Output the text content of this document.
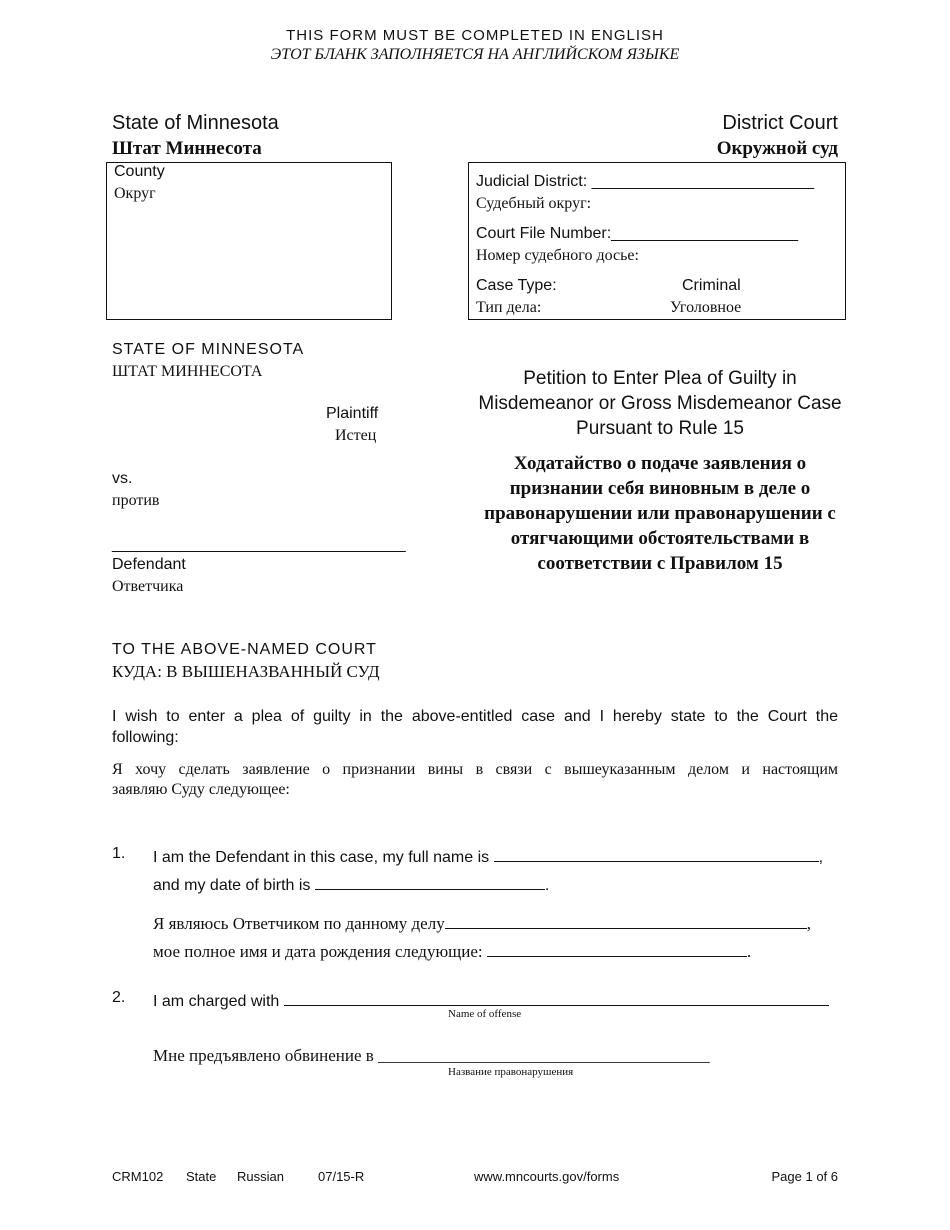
THIS FORM MUST BE COMPLETED IN ENGLISH
ЭТОТ БЛАНК ЗАПОЛНЯЕТСЯ НА АНГЛИЙСКОМ ЯЗЫКЕ
State of Minnesota
Штат Миннесота
District Court
Окружной суд
County
Округ
Judicial District: _________________________
Судебный округ:
Court File Number:_____________________
Номер судебного досье:
Case Type:	Criminal
Тип дела:	Уголовное
STATE OF MINNESOTA
ШТАТ МИННЕСОТА
Plaintiff
Истец
vs.
против
_________________________________
Defendant
Ответчика
Petition to Enter Plea of Guilty in
Misdemeanor or Gross Misdemeanor Case
Pursuant to Rule 15
Ходатайство о подаче заявления о
признании себя виновным в деле о
правонарушении или правонарушении с
отягчающими обстоятельствами в
соответствии с Правилом 15
TO THE ABOVE-NAMED COURT
КУДА: В ВЫШЕНАЗВАННЫЙ СУД
I wish to enter a plea of guilty in the above-entitled case and I hereby state to the Court the
following:
Я хочу сделать заявление о признании вины в связи с вышеуказанным делом и настоящим
заявляю Суду следующее:
1. I am the Defendant in this case, my full name is	,
and my date of birth is	.
Я являюсь Ответчиком по данному делу	,
мое полное имя и дата рождения следующие:	.
2. I am charged with
Name of offense
Мне предъявлено обвинение в _______________________________________
Название правонарушения
CRM102 State Russian	07/15-R	www.mncourts.gov/forms	Page 1 of 6
